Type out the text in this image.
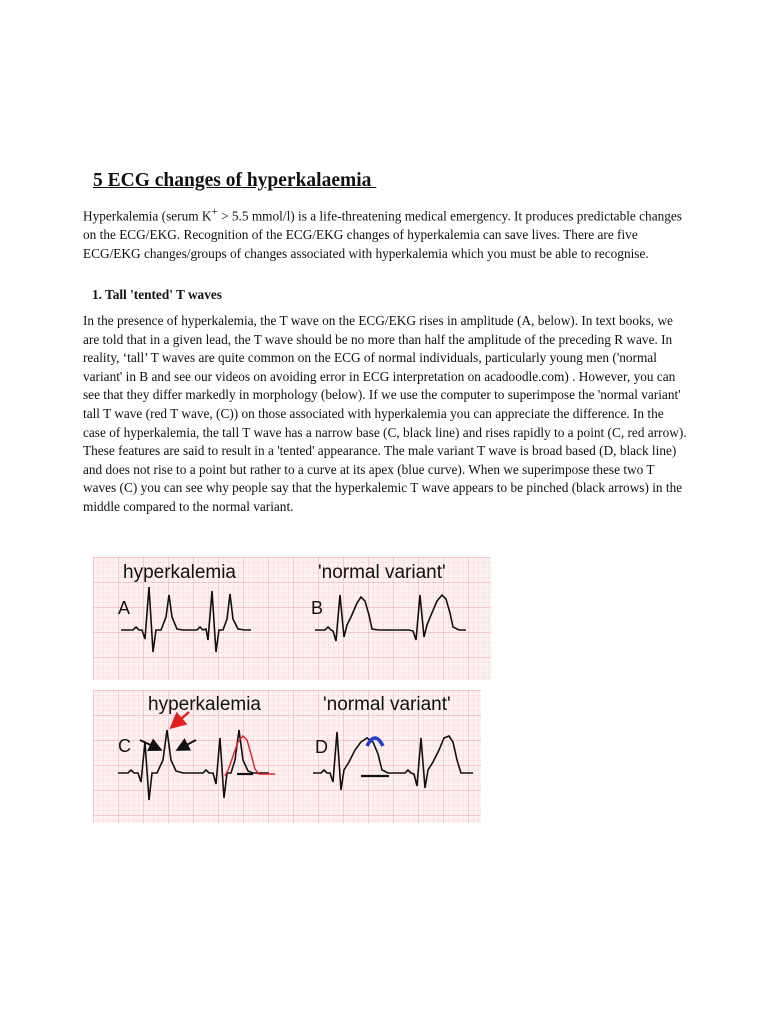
5 ECG changes of hyperkalaemia

Hyperkalemia (serum K+ > 5.5 mmol/l) is a life-threatening medical emergency. It produces predictable changes on the ECG/EKG. Recognition of the ECG/EKG changes of hyperkalemia can save lives. There are five ECG/EKG changes/groups of changes associated with hyperkalemia which you must be able to recognise.

1. Tall 'tented' T waves

In the presence of hyperkalemia, the T wave on the ECG/EKG rises in amplitude (A, below). In text books, we are told that in a given lead, the T wave should be no more than half the amplitude of the preceding R wave. In reality, ‘tall’ T waves are quite common on the ECG of normal individuals, particularly young men ('normal variant' in B and see our videos on avoiding error in ECG interpretation on acadoodle.com) . However, you can see that they differ markedly in morphology (below). If we use the computer to superimpose the 'normal variant' tall T wave (red T wave, (C)) on those associated with hyperkalemia you can appreciate the difference. In the case of hyperkalemia, the tall T wave has a narrow base (C, black line) and rises rapidly to a point (C, red arrow). These features are said to result in a 'tented' appearance. The male variant T wave is broad based (D, black line) and does not rise to a point but rather to a curve at its apex (blue curve). When we superimpose these two T waves (C) you can see why people say that the hyperkalemic T wave appears to be pinched (black arrows) in the middle compared to the normal variant.

hyperkalemia	'normal variant'
A	B
hyperkalemia	'normal variant'
C	D
